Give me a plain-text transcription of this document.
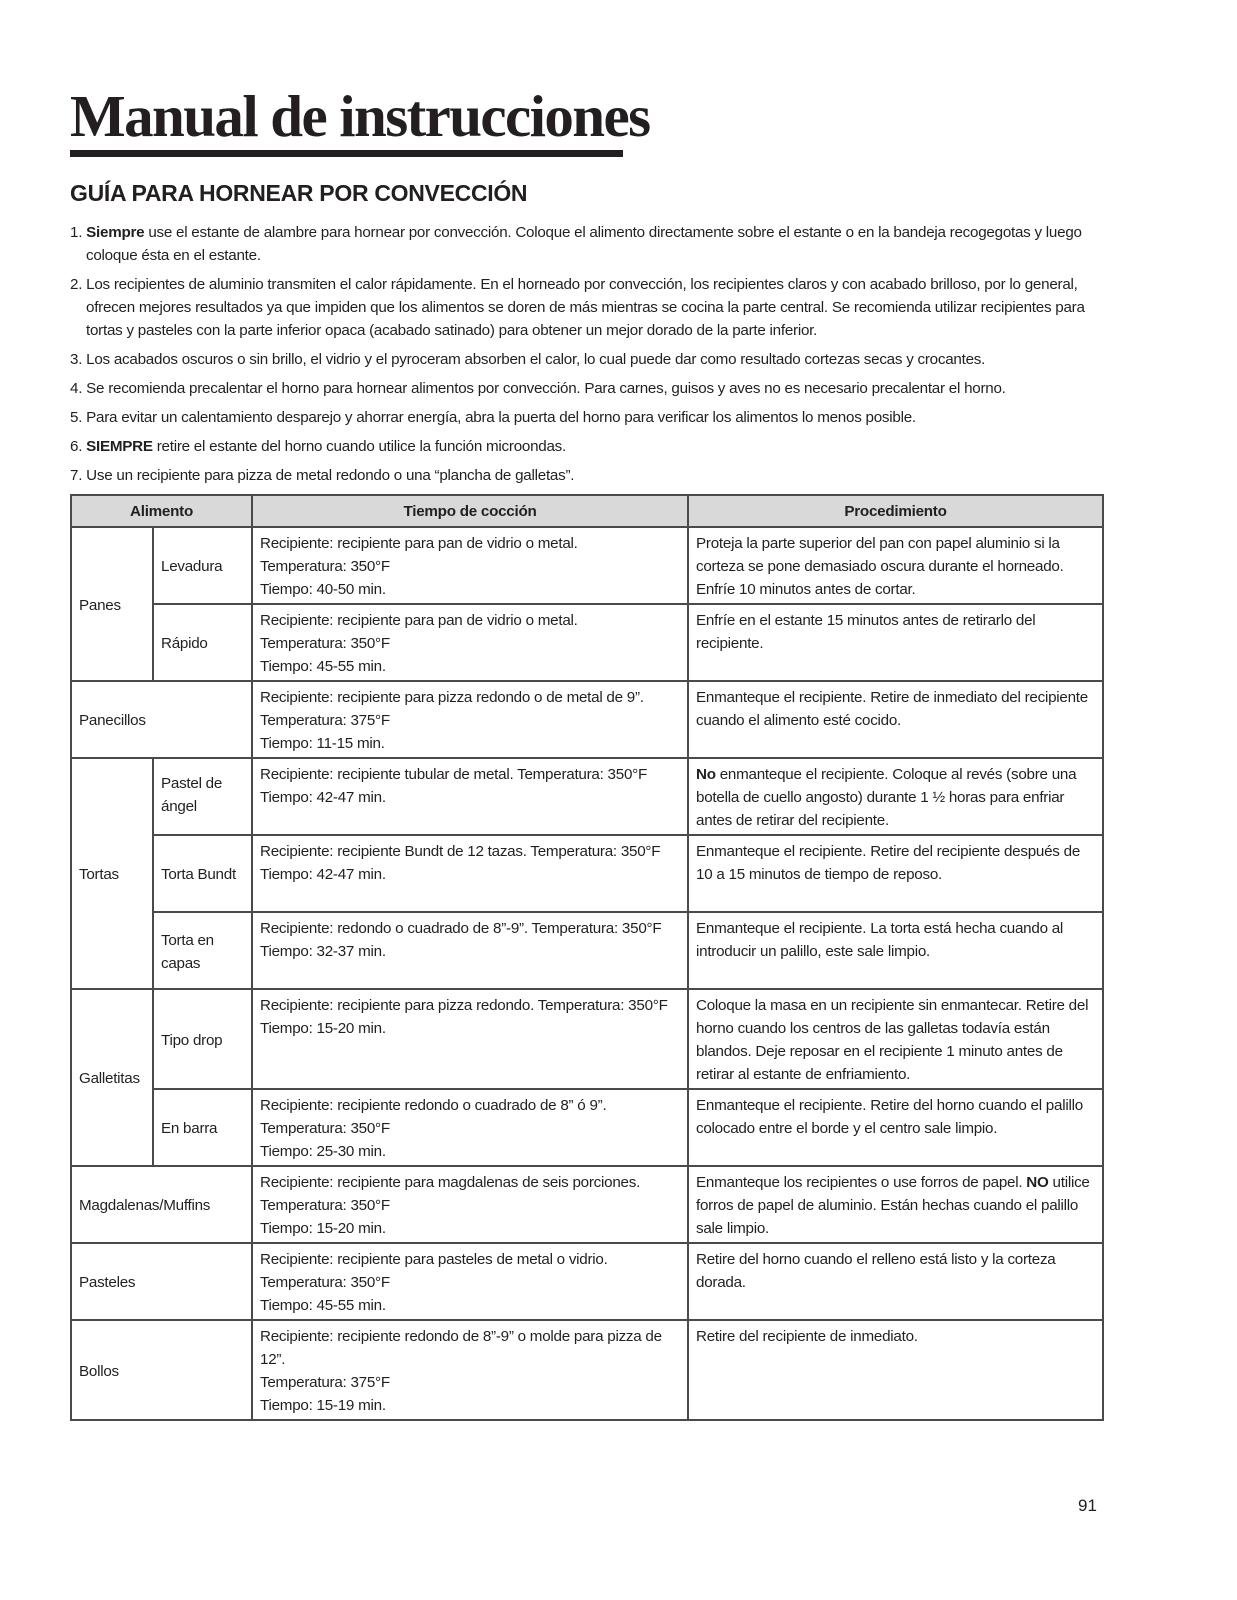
Manual de instrucciones
GUÍA PARA HORNEAR POR CONVECCIÓN
1. Siempre use el estante de alambre para hornear por convección. Coloque el alimento directamente sobre el estante o en la bandeja recogegotas y luego coloque ésta en el estante.
2. Los recipientes de aluminio transmiten el calor rápidamente. En el horneado por convección, los recipientes claros y con acabado brilloso, por lo general, ofrecen mejores resultados ya que impiden que los alimentos se doren de más mientras se cocina la parte central. Se recomienda utilizar recipientes para tortas y pasteles con la parte inferior opaca (acabado satinado) para obtener un mejor dorado de la parte inferior.
3. Los acabados oscuros o sin brillo, el vidrio y el pyroceram absorben el calor, lo cual puede dar como resultado cortezas secas y crocantes.
4. Se recomienda precalentar el horno para hornear alimentos por convección. Para carnes, guisos y aves no es necesario precalentar el horno.
5. Para evitar un calentamiento desparejo y ahorrar energía, abra la puerta del horno para verificar los alimentos lo menos posible.
6. SIEMPRE retire el estante del horno cuando utilice la función microondas.
7. Use un recipiente para pizza de metal redondo o una “plancha de galletas”.
Alimento		Tiempo de cocción	Procedimiento
Panes	Levadura	Recipiente: recipiente para pan de vidrio o metal.
Temperatura: 350°F
Tiempo: 40-50 min.	Proteja la parte superior del pan con papel aluminio si la corteza se pone demasiado oscura durante el horneado. Enfríe 10 minutos antes de cortar.
	Rápido	Recipiente: recipiente para pan de vidrio o metal.
Temperatura: 350°F
Tiempo: 45-55 min.	Enfríe en el estante 15 minutos antes de retirarlo del recipiente.
Panecillos		Recipiente: recipiente para pizza redondo o de metal de 9”.
Temperatura: 375°F
Tiempo: 11-15 min.	Enmanteque el recipiente. Retire de inmediato del recipiente cuando el alimento esté cocido.
Tortas	Pastel de ángel	Recipiente: recipiente tubular de metal. Temperatura: 350°F
Tiempo: 42-47 min.	No enmanteque el recipiente. Coloque al revés (sobre una botella de cuello angosto) durante 1 ½ horas para enfriar antes de retirar del recipiente.
	Torta Bundt	Recipiente: recipiente Bundt de 12 tazas. Temperatura: 350°F
Tiempo: 42-47 min.	Enmanteque el recipiente. Retire del recipiente después de 10 a 15 minutos de tiempo de reposo.
	Torta en capas	Recipiente: redondo o cuadrado de 8”-9”. Temperatura: 350°F
Tiempo: 32-37 min.	Enmanteque el recipiente. La torta está hecha cuando al introducir un palillo, este sale limpio.
Galletitas	Tipo drop	Recipiente: recipiente para pizza redondo. Temperatura: 350°F
Tiempo: 15-20 min.	Coloque la masa en un recipiente sin enmantecar. Retire del horno cuando los centros de las galletas todavía están blandos. Deje reposar en el recipiente 1 minuto antes de retirar al estante de enfriamiento.
	En barra	Recipiente: recipiente redondo o cuadrado de 8” ó 9”.
Temperatura: 350°F
Tiempo: 25-30 min.	Enmanteque el recipiente. Retire del horno cuando el palillo colocado entre el borde y el centro sale limpio.
Magdalenas/Muffins		Recipiente: recipiente para magdalenas de seis porciones.
Temperatura: 350°F
Tiempo: 15-20 min.	Enmanteque los recipientes o use forros de papel. NO utilice forros de papel de aluminio. Están hechas cuando el palillo sale limpio.
Pasteles		Recipiente: recipiente para pasteles de metal o vidrio.
Temperatura: 350°F
Tiempo: 45-55 min.	Retire del horno cuando el relleno está listo y la corteza dorada.
Bollos		Recipiente: recipiente redondo de 8”-9” o molde para pizza de 12”.
Temperatura: 375°F
Tiempo: 15-19 min.	Retire del recipiente de inmediato.
91
